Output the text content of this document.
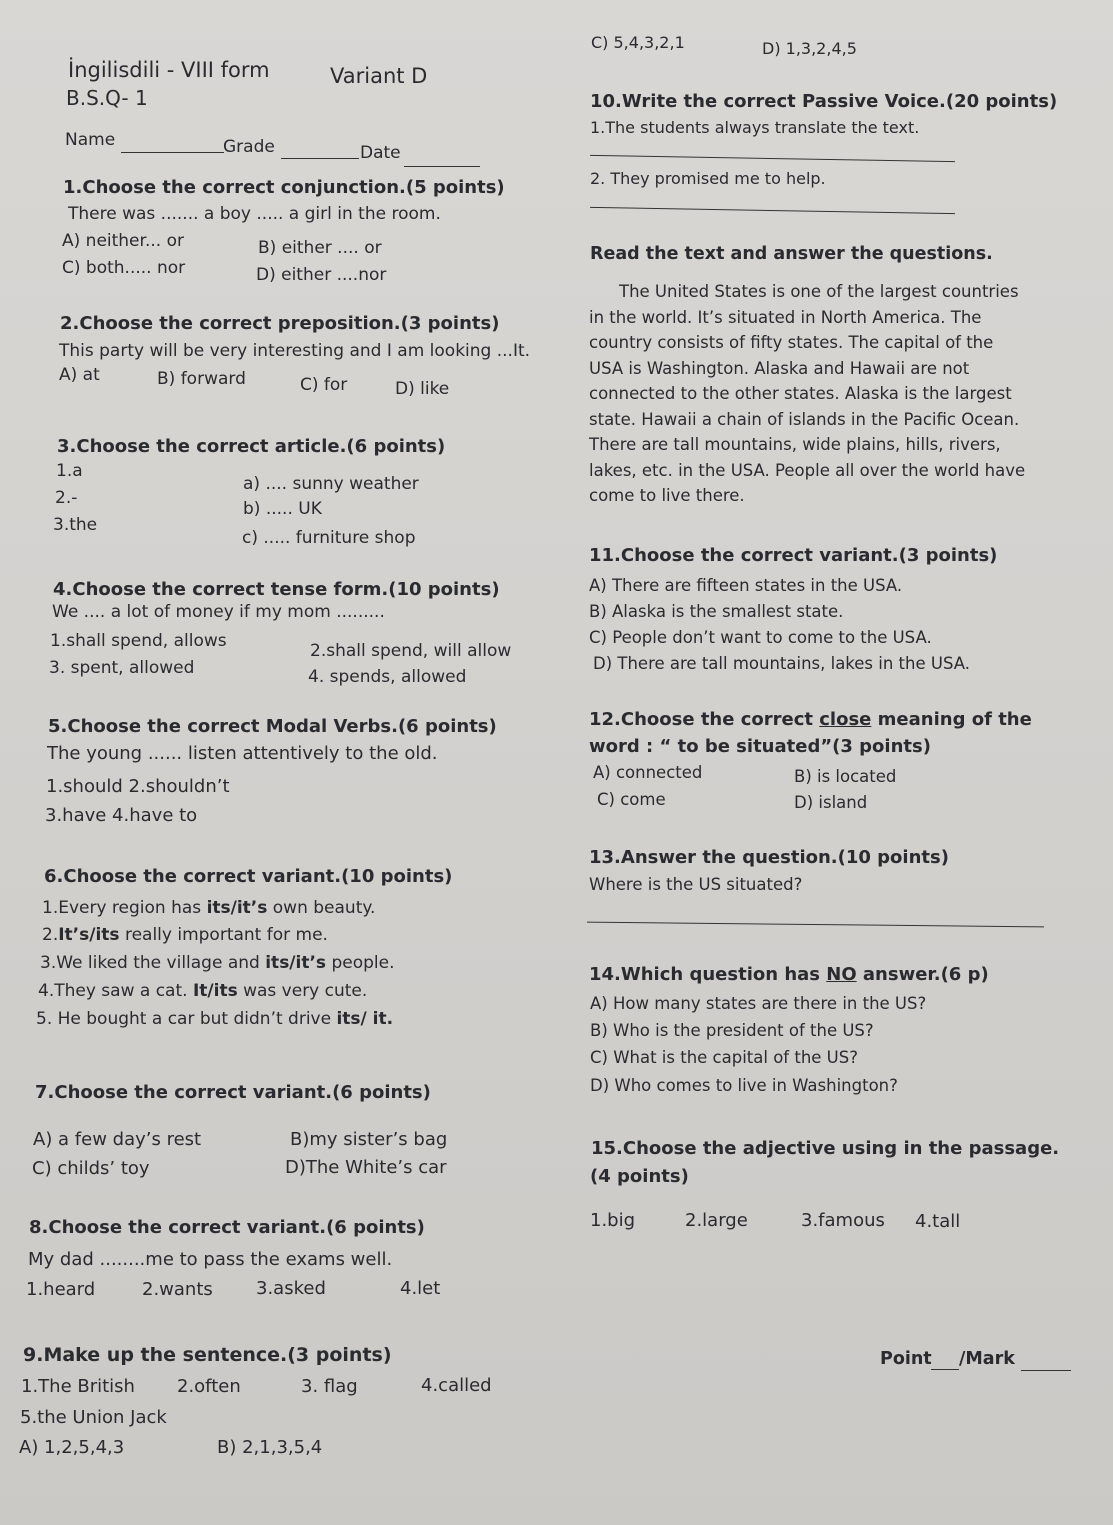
İngilisdili - VIII form	Variant D
B.S.Q- 1
Name	Grade	Date
1.Choose the correct conjunction.(5 points)
There was ....... a boy ..... a girl in the room.
A) neither... or	B) either .... or
C) both..... nor	D) either ....nor
2.Choose the correct preposition.(3 points)
This party will be very interesting and I am looking ...It.
A) at	B) forward	C) for	D) like
3.Choose the correct article.(6 points)
1.a
2.-
3.the
a) .... sunny weather
b) ..... UK
c) ..... furniture shop
4.Choose the correct tense form.(10 points)
We .... a lot of money if my mom .........
1.shall spend, allows	2.shall spend, will allow
3. spent, allowed	4. spends, allowed
5.Choose the correct Modal Verbs.(6 points)
The young ...... listen attentively to the old.
1.should 2.shouldn’t
3.have 4.have to
6.Choose the correct variant.(10 points)
1.Every region has its/it’s own beauty.
2.It’s/its really important for me.
3.We liked the village and its/it’s people.
4.They saw a cat. It/its was very cute.
5. He bought a car but didn’t drive its/ it.
7.Choose the correct variant.(6 points)
A) a few day’s rest	B)my sister’s bag
C) childs’ toy	D)The White’s car
8.Choose the correct variant.(6 points)
My dad ........me to pass the exams well.
1.heard	2.wants 3.asked	4.let
9.Make up the sentence.(3 points)
1.The British 2.often	3. flag	4.called
5.the Union Jack
A) 1,2,5,4,3	B) 2,1,3,5,4
C) 5,4,3,2,1	D) 1,3,2,4,5
10.Write the correct Passive Voice.(20 points)
1.The students always translate the text.
2. They promised me to help.
Read the text and answer the questions.
The United States is one of the largest countries in the world. It’s situated in North America. The country consists of fifty states. The capital of the USA is Washington. Alaska and Hawaii are not connected to the other states. Alaska is the largest state. Hawaii a chain of islands in the Pacific Ocean. There are tall mountains, wide plains, hills, rivers, lakes, etc. in the USA. People all over the world have come to live there.
11.Choose the correct variant.(3 points)
A) There are fifteen states in the USA.
B) Alaska is the smallest state.
C) People don’t want to come to the USA.
D) There are tall mountains, lakes in the USA.
12.Choose the correct close meaning of the
word : “ to be situated”(3 points)
A) connected	B) is located
C) come	D) island
13.Answer the question.(10 points)
Where is the US situated?
14.Which question has NO answer.(6 p)
A) How many states are there in the US?
B) Who is the president of the US?
C) What is the capital of the US?
D) Who comes to live in Washington?
15.Choose the adjective using in the passage.
(4 points)
1.big	2.large	3.famous 4.tall
Point /Mark
